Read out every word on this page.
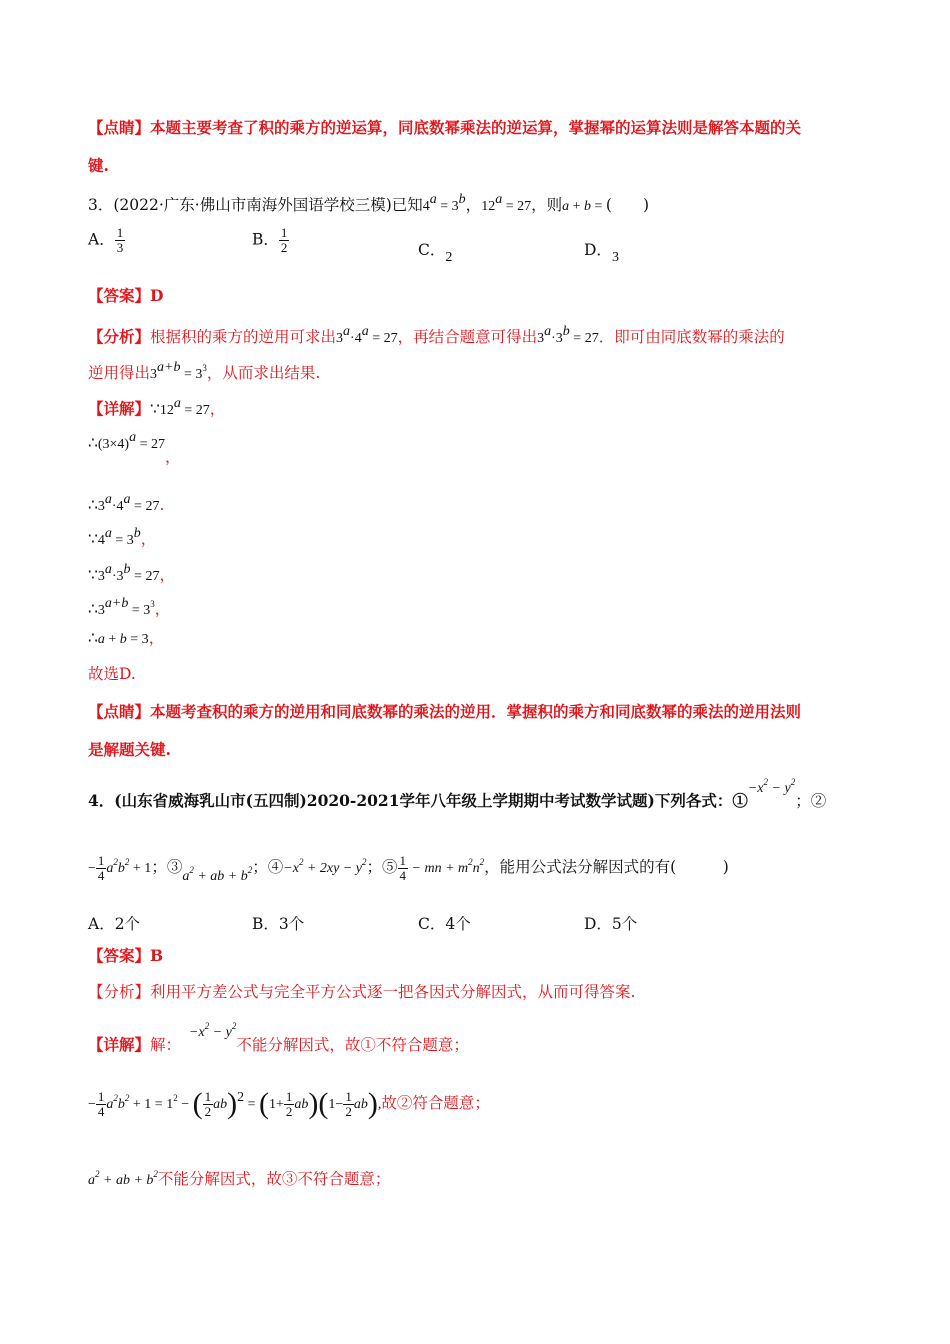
【点睛】本题主要考查了积的乘方的逆运算，同底数幂乘法的逆运算，掌握幂的运算法则是解答本题的关
键.
3．(2022·广东·佛山市南海外国语学校三模)已知$4^a = 3^b$，$12^a = 27$，则a + b = (　　)
A． $\frac{1}{3}$	B． $\frac{1}{2}$	C．2	D．3
【答案】D
【分析】根据积的乘方的逆用可求出$3^a\cdot 4^a = 27$，再结合题意可得出$3^a\cdot 3^b = 27$．即可由同底数幂的乘法的
逆用得出$3^{a+b} = 3^3$，从而求出结果.
【详解】$\because 12^a = 27$，
$\therefore(3\times 4)^a = 27$，
$\therefore 3^a\cdot 4^a = 27$.
$\because 4^a = 3^b$，
$\because 3^a\cdot 3^b = 27$，
$\therefore 3^{a+b} = 3^3$，
∴a + b = 3，
故选D.
【点睛】本题考查积的乘方的逆用和同底数幂的乘法的逆用．掌握积的乘方和同底数幂的乘法的逆用法则
是解题关键.
4．(山东省威海乳山市(五四制)2020-2021学年八年级上学期期中考试数学试题)下列各式：$①-x^2 - y^2$；②
− $\frac{1}{4} a^2b^2 + 1$；$③a^2$ + ab + $b^2$；$④-x^2 + 2xy - y^2$；⑤ $\frac{1}{4}$ − mn + $m^2n^2$，能用公式法分解因式的有(　　　)
A．2个	B．3个	C．4个	D．5个
【答案】B
【分析】利用平方差公式与完全平方公式逐一把各因式分解因式，从而可得答案.
【详解】解：$-x^2 - y^2$不能分解因式，故①不符合题意；
− $\frac{1}{4} a^2b^2 + 1 = 1^2$ − ( $\frac{1}{2} ab)^2 = (1+ \frac{1}{2} ab)(1- \frac{1}{2} ab)$,故②符合题意；
$a^2$ + ab + $b^2$不能分解因式，故③不符合题意；
